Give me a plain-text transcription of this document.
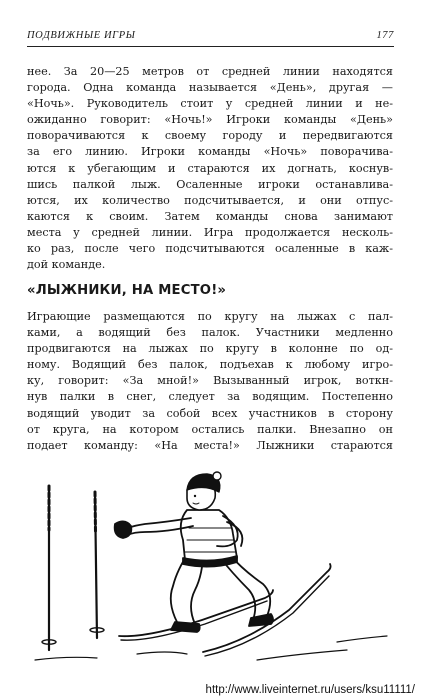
ПОДВИЖНЫЕ ИГРЫ	177
нее. За 20—25 метров от средней линии находятся
города. Одна команда называется «День», другая —
«Ночь». Руководитель стоит у средней линии и не-
ожиданно говорит: «Ночь!» Игроки команды «День»
поворачиваются к своему городу и передвигаются
за его линию. Игроки команды «Ночь» поворачива-
ются к убегающим и стараются их догнать, коснув-
шись палкой лыж. Осаленные игроки останавлива-
ются, их количество подсчитывается, и они отпус-
каются к своим. Затем команды снова занимают
места у средней линии. Игра продолжается несколь-
ко раз, после чего подсчитываются осаленные в каж-
дой команде.
«ЛЫЖНИКИ, НА МЕСТО!»
Играющие размещаются по кругу на лыжах с пал-
ками, а водящий без палок. Участники медленно
продвигаются на лыжах по кругу в колонне по од-
ному. Водящий без палок, подъехав к любому игро-
ку, говорит: «За мной!» Вызыванный игрок, воткн-
нув палки в снег, следует за водящим. Постепенно
водящий уводит за собой всех участников в сторону
от круга, на котором остались палки. Внезапно он
подает команду: «На места!» Лыжники стараются
http://www.liveinternet.ru/users/ksu11111/
